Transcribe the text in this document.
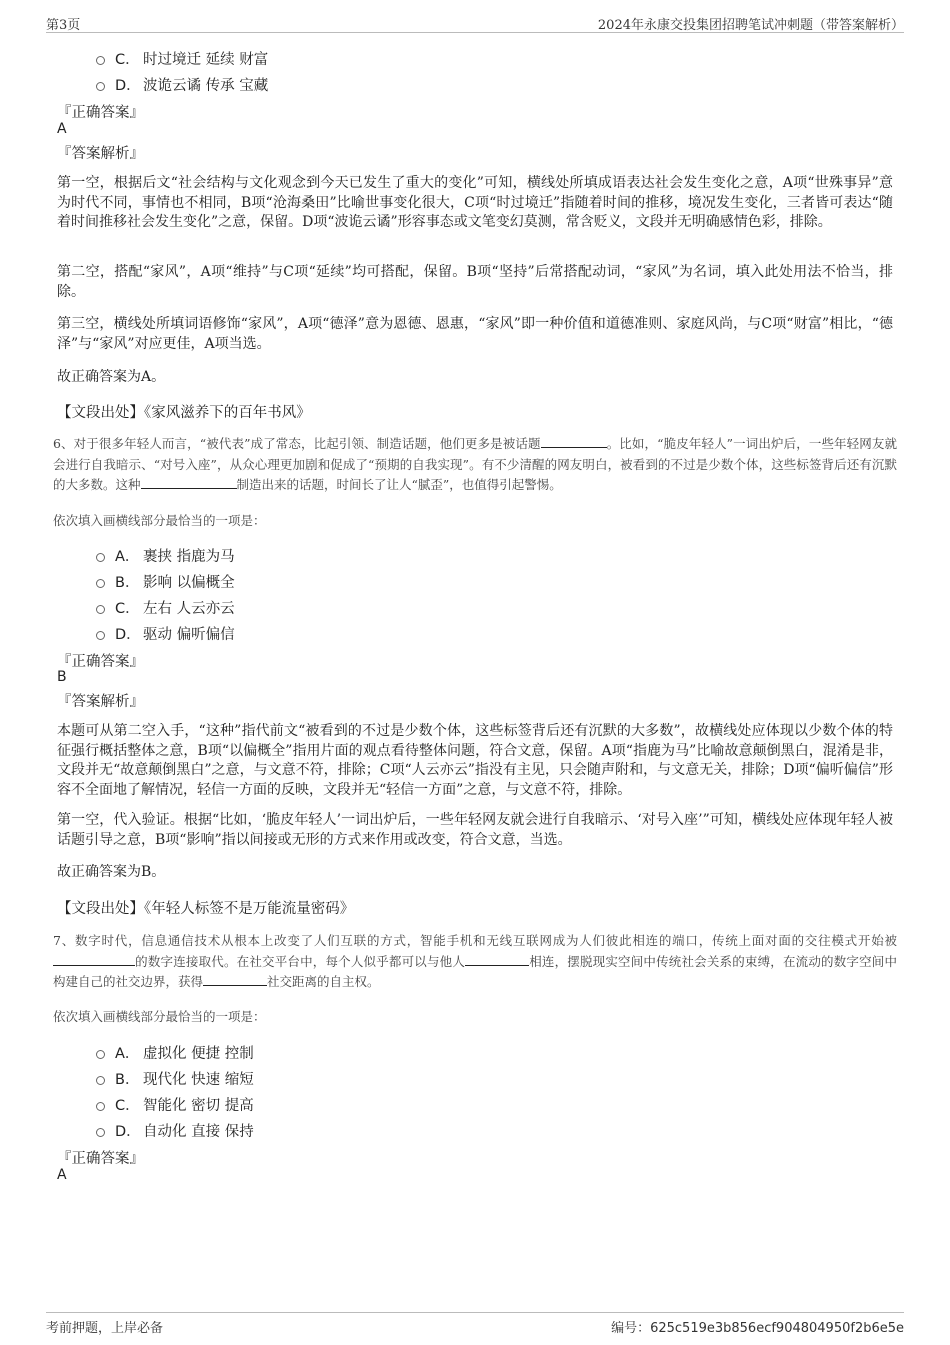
第3页	2024年永康交投集团招聘笔试冲刺题（带答案解析）
C． 时过境迁 延续 财富
D． 波诡云谲 传承 宝藏
『正确答案』
A
『答案解析』
第一空，根据后文“社会结构与文化观念到今天已发生了重大的变化”可知，横线处所填成语表达社会发生变化之意，A项“世殊事异”意为时代不同，事情也不相同，B项“沧海桑田”比喻世事变化很大，C项“时过境迁”指随着时间的推移，境况发生变化，三者皆可表达“随着时间推移社会发生变化”之意，保留。D项“波诡云谲”形容事态或文笔变幻莫测，常含贬义，文段并无明确感情色彩，排除。
第二空，搭配“家风”，A项“维持”与C项“延续”均可搭配，保留。B项“坚持”后常搭配动词，“家风”为名词，填入此处用法不恰当，排除。
第三空，横线处所填词语修饰“家风”，A项“德泽”意为恩德、恩惠，“家风”即一种价值和道德准则、家庭风尚，与C项“财富”相比，“德泽”与“家风”对应更佳，A项当选。
故正确答案为A。
【文段出处】《家风滋养下的百年书风》
6、对于很多年轻人而言，“被代表”成了常态，比起引领、制造话题，他们更多是被话题	。比如，“脆皮年轻人”一词出炉后，一些年轻网友就会进行自我暗示、“对号入座”，从众心理更加剧和促成了“预期的自我实现”。有不少清醒的网友明白，被看到的不过是少数个体，这些标签背后还有沉默的大多数。这种	制造出来的话题，时间长了让人“腻歪”，也值得引起警惕。
依次填入画横线部分最恰当的一项是：
A． 裹挟 指鹿为马
B． 影响 以偏概全
C． 左右 人云亦云
D． 驱动 偏听偏信
『正确答案』
B
『答案解析』
本题可从第二空入手，“这种”指代前文“被看到的不过是少数个体，这些标签背后还有沉默的大多数”，故横线处应体现以少数个体的特征强行概括整体之意，B项“以偏概全”指用片面的观点看待整体问题，符合文意，保留。A项“指鹿为马”比喻故意颠倒黑白，混淆是非，文段并无“故意颠倒黑白”之意，与文意不符，排除；C项“人云亦云”指没有主见，只会随声附和，与文意无关，排除；D项“偏听偏信”形容不全面地了解情况，轻信一方面的反映，文段并无“轻信一方面”之意，与文意不符，排除。
第一空，代入验证。根据“比如，‘脆皮年轻人’一词出炉后，一些年轻网友就会进行自我暗示、‘对号入座’”可知，横线处应体现年轻人被话题引导之意，B项“影响”指以间接或无形的方式来作用或改变，符合文意，当选。
故正确答案为B。
【文段出处】《年轻人标签不是万能流量密码》
7、数字时代，信息通信技术从根本上改变了人们互联的方式，智能手机和无线互联网成为人们彼此相连的端口，传统上面对面的交往模式开始被的数字连接取代。在社交平台中，每个人似乎都可以与他人	相连，摆脱现实空间中传统社会关系的束缚，在流动的数字空间中构建自己的社交边界，获得	社交距离的自主权。
依次填入画横线部分最恰当的一项是：
A． 虚拟化 便捷 控制
B． 现代化 快速 缩短
C． 智能化 密切 提高
D． 自动化 直接 保持
『正确答案』
A
考前押题，上岸必备	编号：625c519e3b856ecf904804950f2b6e5e
